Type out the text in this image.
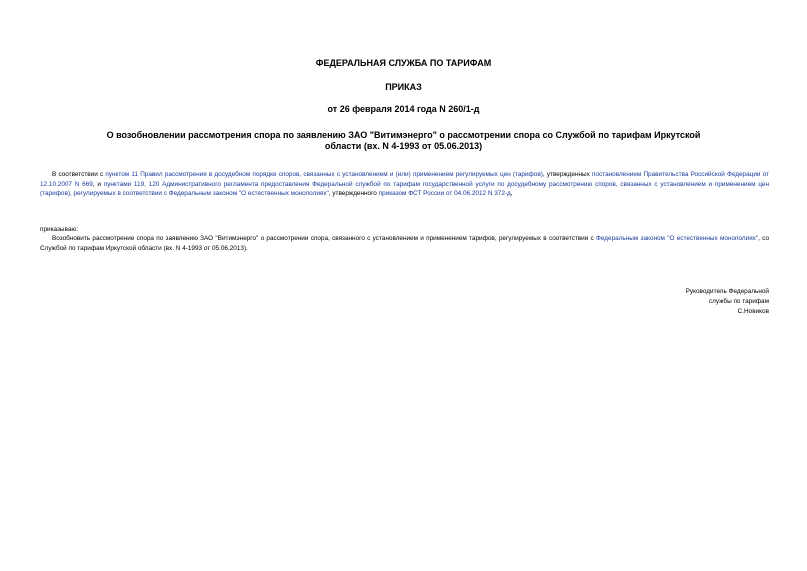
ФЕДЕРАЛЬНАЯ СЛУЖБА ПО ТАРИФАМ
ПРИКАЗ
от 26 февраля 2014 года N 260/1-д
О возобновлении рассмотрения спора по заявлению ЗАО "Витимэнерго" о рассмотрении спора со Службой по тарифам Иркутской области (вх. N 4-1993 от 05.06.2013)
В соответствии с пунктом 11 Правил рассмотрения в досудебном порядке споров, связанных с установлением и (или) применением регулируемых цен (тарифов), утвержденных постановлением Правительства Российской Федерации от 12.10.2007 N 669, и пунктами 119, 120 Административного регламента предоставления Федеральной службой по тарифам государственной услуги по досудебному рассмотрению споров, связанных с установлением и применением цен (тарифов), регулируемых в соответствии с Федеральным законом "О естественных монополиях", утвержденного приказом ФСТ России от 04.06.2012 N 372-д,
приказываю:
Возобновить рассмотрение спора по заявлению ЗАО "Витимэнерго" о рассмотрении спора, связанного с установлением и применением тарифов, регулируемых в соответствии с Федеральным законом "О естественных монополиях", со Службой по тарифам Иркутской области (вх. N 4-1993 от 05.06.2013).
Руководитель Федеральной
службы по тарифам
С.Новиков
